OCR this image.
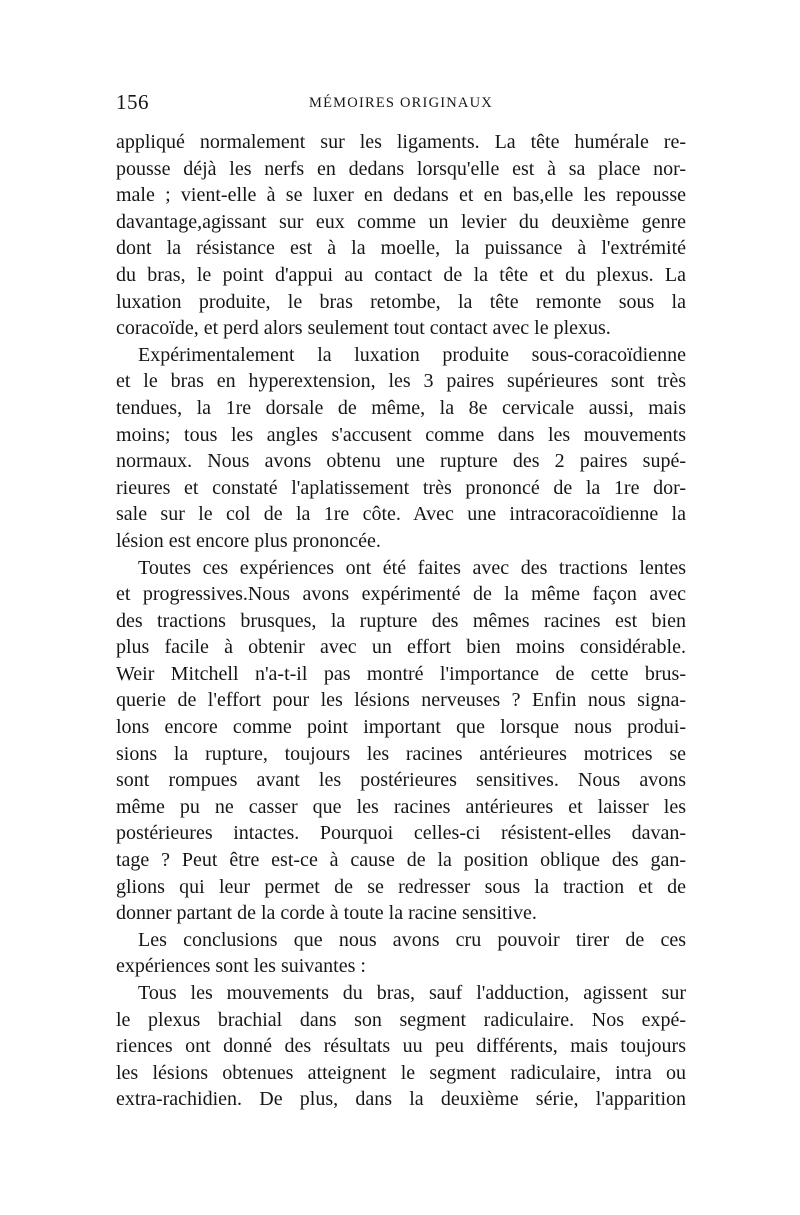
156	MÉMOIRES ORIGINAUX
appliqué normalement sur les ligaments. La tête humérale re-
pousse déjà les nerfs en dedans lorsqu'elle est à sa place nor-
male ; vient-elle à se luxer en dedans et en bas,elle les repousse
davantage,agissant sur eux comme un levier du deuxième genre
dont la résistance est à la moelle, la puissance à l'extrémité
du bras, le point d'appui au contact de la tête et du plexus. La
luxation produite, le bras retombe, la tête remonte sous la
coracoïde, et perd alors seulement tout contact avec le plexus.
Expérimentalement la luxation produite sous-coracoïdienne
et le bras en hyperextension, les 3 paires supérieures sont très
tendues, la 1re dorsale de même, la 8e cervicale aussi, mais
moins; tous les angles s'accusent comme dans les mouvements
normaux. Nous avons obtenu une rupture des 2 paires supé-
rieures et constaté l'aplatissement très prononcé de la 1re dor-
sale sur le col de la 1re côte. Avec une intracoracoïdienne la
lésion est encore plus prononcée.
Toutes ces expériences ont été faites avec des tractions lentes
et progressives.Nous avons expérimenté de la même façon avec
des tractions brusques, la rupture des mêmes racines est bien
plus facile à obtenir avec un effort bien moins considérable.
Weir Mitchell n'a-t-il pas montré l'importance de cette brus-
querie de l'effort pour les lésions nerveuses ? Enfin nous signa-
lons encore comme point important que lorsque nous produi-
sions la rupture, toujours les racines antérieures motrices se
sont rompues avant les postérieures sensitives. Nous avons
même pu ne casser que les racines antérieures et laisser les
postérieures intactes. Pourquoi celles-ci résistent-elles davan-
tage ? Peut être est-ce à cause de la position oblique des gan-
glions qui leur permet de se redresser sous la traction et de
donner partant de la corde à toute la racine sensitive.
Les conclusions que nous avons cru pouvoir tirer de ces
expériences sont les suivantes :
Tous les mouvements du bras, sauf l'adduction, agissent sur
le plexus brachial dans son segment radiculaire. Nos expé-
riences ont donné des résultats uu peu différents, mais toujours
les lésions obtenues atteignent le segment radiculaire, intra ou
extra-rachidien. De plus, dans la deuxième série, l'apparition
